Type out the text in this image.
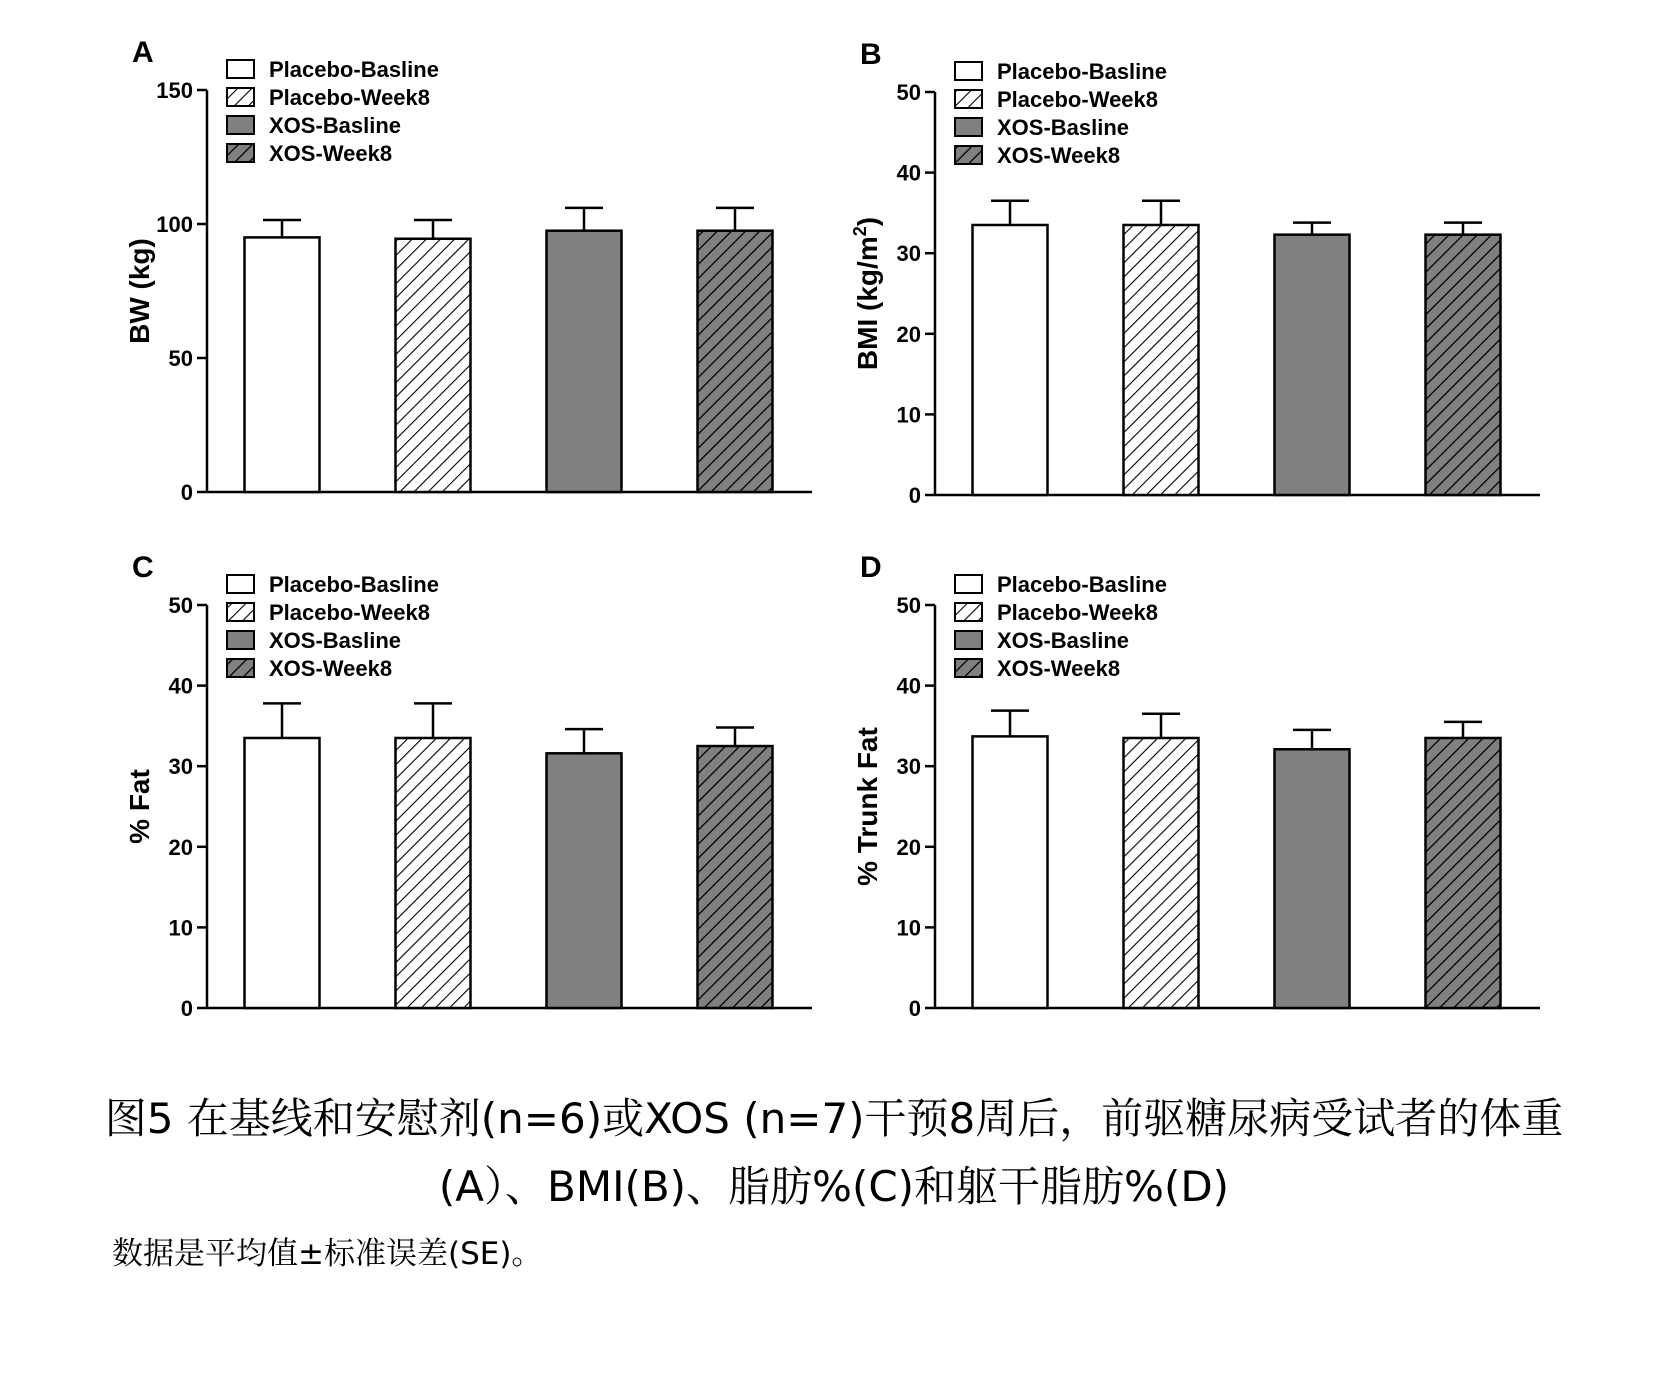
A
0
50
100
150
BW (kg)
Placebo-Basline
Placebo-Week8
XOS-Basline
XOS-Week8
B
0
10
20
30
40
50
BMI $(kg/m^2)$
Placebo-Basline
Placebo-Week8
XOS-Basline
XOS-Week8
C
0
10
20
30
40
50
% Fat
Placebo-Basline
Placebo-Week8
XOS-Basline
XOS-Week8
D
0
10
20
30
40
50
% Trunk Fat
Placebo-Basline
Placebo-Week8
XOS-Basline
XOS-Week8
图5 在基线和安慰剂(n=6)或XOS (n=7)干预8周后，前驱糖尿病受试者的体重
(A）、BMI(B)、脂肪%(C)和躯干脂肪%(D)
数据是平均值±标准误差(SE)。
